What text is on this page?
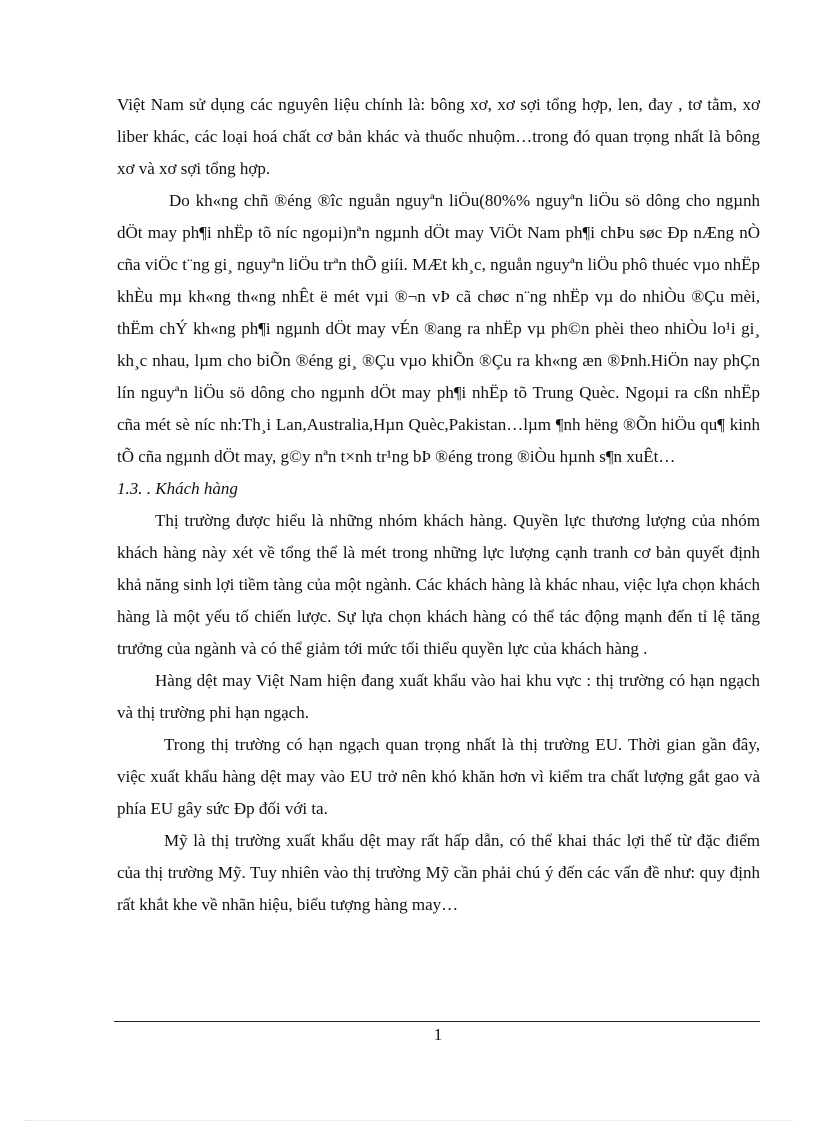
Việt Nam sử dụng các nguyên liệu chính là: bông xơ, xơ sợi tổng hợp, len, đay , tơ tằm, xơ liber khác, các loại hoá chất cơ bản khác và thuốc nhuộm…trong đó quan trọng nhất là bông xơ và xơ sợi tổng hợp.

Do kh«ng chñ ®éng ®îc nguån nguyªn liÖu(80%% nguyªn liÖu sö dông cho ngµnh dÖt may ph¶i nhËp tõ níc ngoµi)nªn ngµnh dÖt may ViÖt Nam ph¶i chÞu søc Ðp nÆng nÒ cña viÖc t¨ng gi¸ nguyªn liÖu trªn thÕ giíi. MÆt kh¸c, nguån nguyªn liÖu phô thuéc vµo nhËp khÈu mµ kh«ng th«ng nhÊt ë mét vµi ®¬n vÞ cã chøc n¨ng nhËp vµ do nhiÒu ®Çu mèi, thËm chÝ kh«ng ph¶i ngµnh dÖt may vÉn ®ang ra nhËp vµ ph©n phèi theo nhiÒu lo¹i gi¸ kh¸c nhau, lµm cho biÕn ®éng gi¸ ®Çu vµo khiÕn ®Çu ra kh«ng æn ®Þnh.HiÖn nay phÇn lín nguyªn liÖu sö dông cho ngµnh dÖt may ph¶i nhËp tõ Trung Quèc. Ngoµi ra cßn nhËp cña mét sè níc nh:Th¸i Lan,Australia,Hµn Quèc,Pakistan…lµm ¶nh hëng ®Õn hiÖu qu¶ kinh tÕ cña ngµnh dÖt may, g©y nªn t×nh tr¹ng bÞ ®éng trong ®iÒu hµnh s¶n xuÊt…

1.3. . Khách hàng

Thị trường được hiểu là những nhóm khách hàng. Quyền lực thương lượng của nhóm khách hàng này xét về tổng thể là mét trong những lực lượng cạnh tranh cơ bản quyết định khả năng sinh lợi tiềm tàng của một ngành. Các khách hàng là khác nhau, việc lựa chọn khách hàng là một yếu tố chiến lược. Sự lựa chọn khách hàng có thể tác động mạnh đến tỉ lệ tăng trưởng của ngành và có thể giảm tới mức tối thiểu quyền lực của khách hàng .

Hàng dệt may Việt Nam hiện đang xuất khẩu vào hai khu vực : thị trường có hạn ngạch và thị trường phi hạn ngạch.

Trong thị trường có hạn ngạch quan trọng nhất là thị trường EU. Thời gian gần đây, việc xuất khẩu hàng dệt may vào EU trở nên khó khăn hơn vì kiểm tra chất lượng gắt gao và phía EU gây sức Ðp đối với ta.

Mỹ là thị trường xuất khẩu dệt may rất hấp dẫn, có thể khai thác lợi thế từ đặc điểm của thị trường Mỹ. Tuy nhiên vào thị trường Mỹ cần phải chú ý đến các vấn đề như: quy định rất khắt khe về nhãn hiệu, biểu tượng hàng may…

1
